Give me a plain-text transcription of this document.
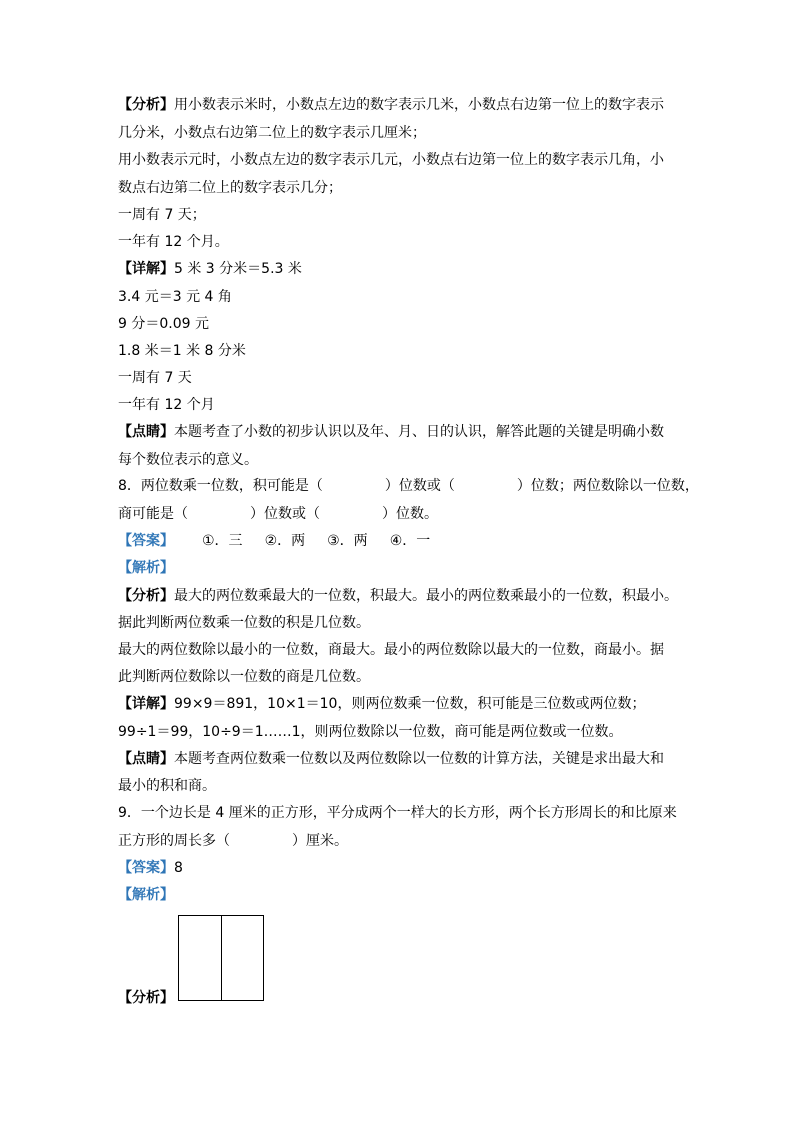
【分析】用小数表示米时，小数点左边的数字表示几米，小数点右边第一位上的数字表示
几分米，小数点右边第二位上的数字表示几厘米；
用小数表示元时，小数点左边的数字表示几元，小数点右边第一位上的数字表示几角，小
数点右边第二位上的数字表示几分；
一周有 7 天；
一年有 12 个月。
【详解】5 米 3 分米＝5.3 米
3.4 元＝3 元 4 角
9 分＝0.09 元
1.8 米＝1 米 8 分米
一周有 7 天
一年有 12 个月
【点睛】本题考查了小数的初步认识以及年、月、日的认识，解答此题的关键是明确小数
每个数位表示的意义。
8．两位数乘一位数，积可能是（	）位数或（	）位数；两位数除以一位数，
商可能是（	）位数或（	）位数。
【答案】 ①．三 ②．两 ③．两 ④．一
【解析】
【分析】最大的两位数乘最大的一位数，积最大。最小的两位数乘最小的一位数，积最小。
据此判断两位数乘一位数的积是几位数。
最大的两位数除以最小的一位数，商最大。最小的两位数除以最大的一位数，商最小。据
此判断两位数除以一位数的商是几位数。
【详解】99×9＝891，10×1＝10，则两位数乘一位数，积可能是三位数或两位数；
99÷1＝99，10÷9＝1……1，则两位数除以一位数，商可能是两位数或一位数。
【点睛】本题考查两位数乘一位数以及两位数除以一位数的计算方法，关键是求出最大和
最小的积和商。
9．一个边长是 4 厘米的正方形，平分成两个一样大的长方形，两个长方形周长的和比原来
正方形的周长多（	）厘米。
【答案】8
【解析】
【分析】
